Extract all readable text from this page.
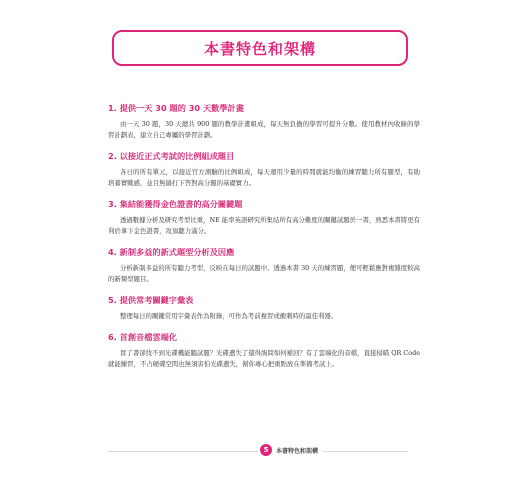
本書特色和架構
1. 提供一天 30 題的 30 天數學計畫
由一天 30 題，30 天總共 900 題的教學計畫組成，每天無負擔的學習可提升分數。使用教材內收錄的學習計劃表，建立自己專屬的學習計劃。
2. 以接近正式考試的比例組成題目
各日的所有單元，以接近官方測驗的比例組成，每天運用少量的時間就能均衡的練習聽力所有題型，有助培養實戰感，並且無縫打下答對高分題的基礎實力。
3. 集結能獲得金色證書的高分關鍵題
透過數據分析及研究考型比重，NE 能率英語研究所集結所有高分難度的關鍵試題於一書，熟悉本書將更有利於拿下金色證書，攻頂聽力滿分。
4. 新制多益的新式題型分析及因應
分析新制多益的所有聽力考型，反映在每日的試題中。透過本書 30 天的練習題，便可輕鬆應對複雜度較高的新類型題目。
5. 提供常考關鍵字彙表
整理每日的關鍵常用字彙表作為附錄，可作為考前複習或衝刺時的最佳利器。
6. 首創音檔雲端化
買了書卻找不到光碟機能聽試題？光碟遺失了還得詢問如何補回？有了雲端化的音檔，直接掃瞄 QR Code 就能練習，不占硬碟空間也無須害怕光碟遺失，幫你專心把重點放在準備考試上。
5	本書特色和架構
